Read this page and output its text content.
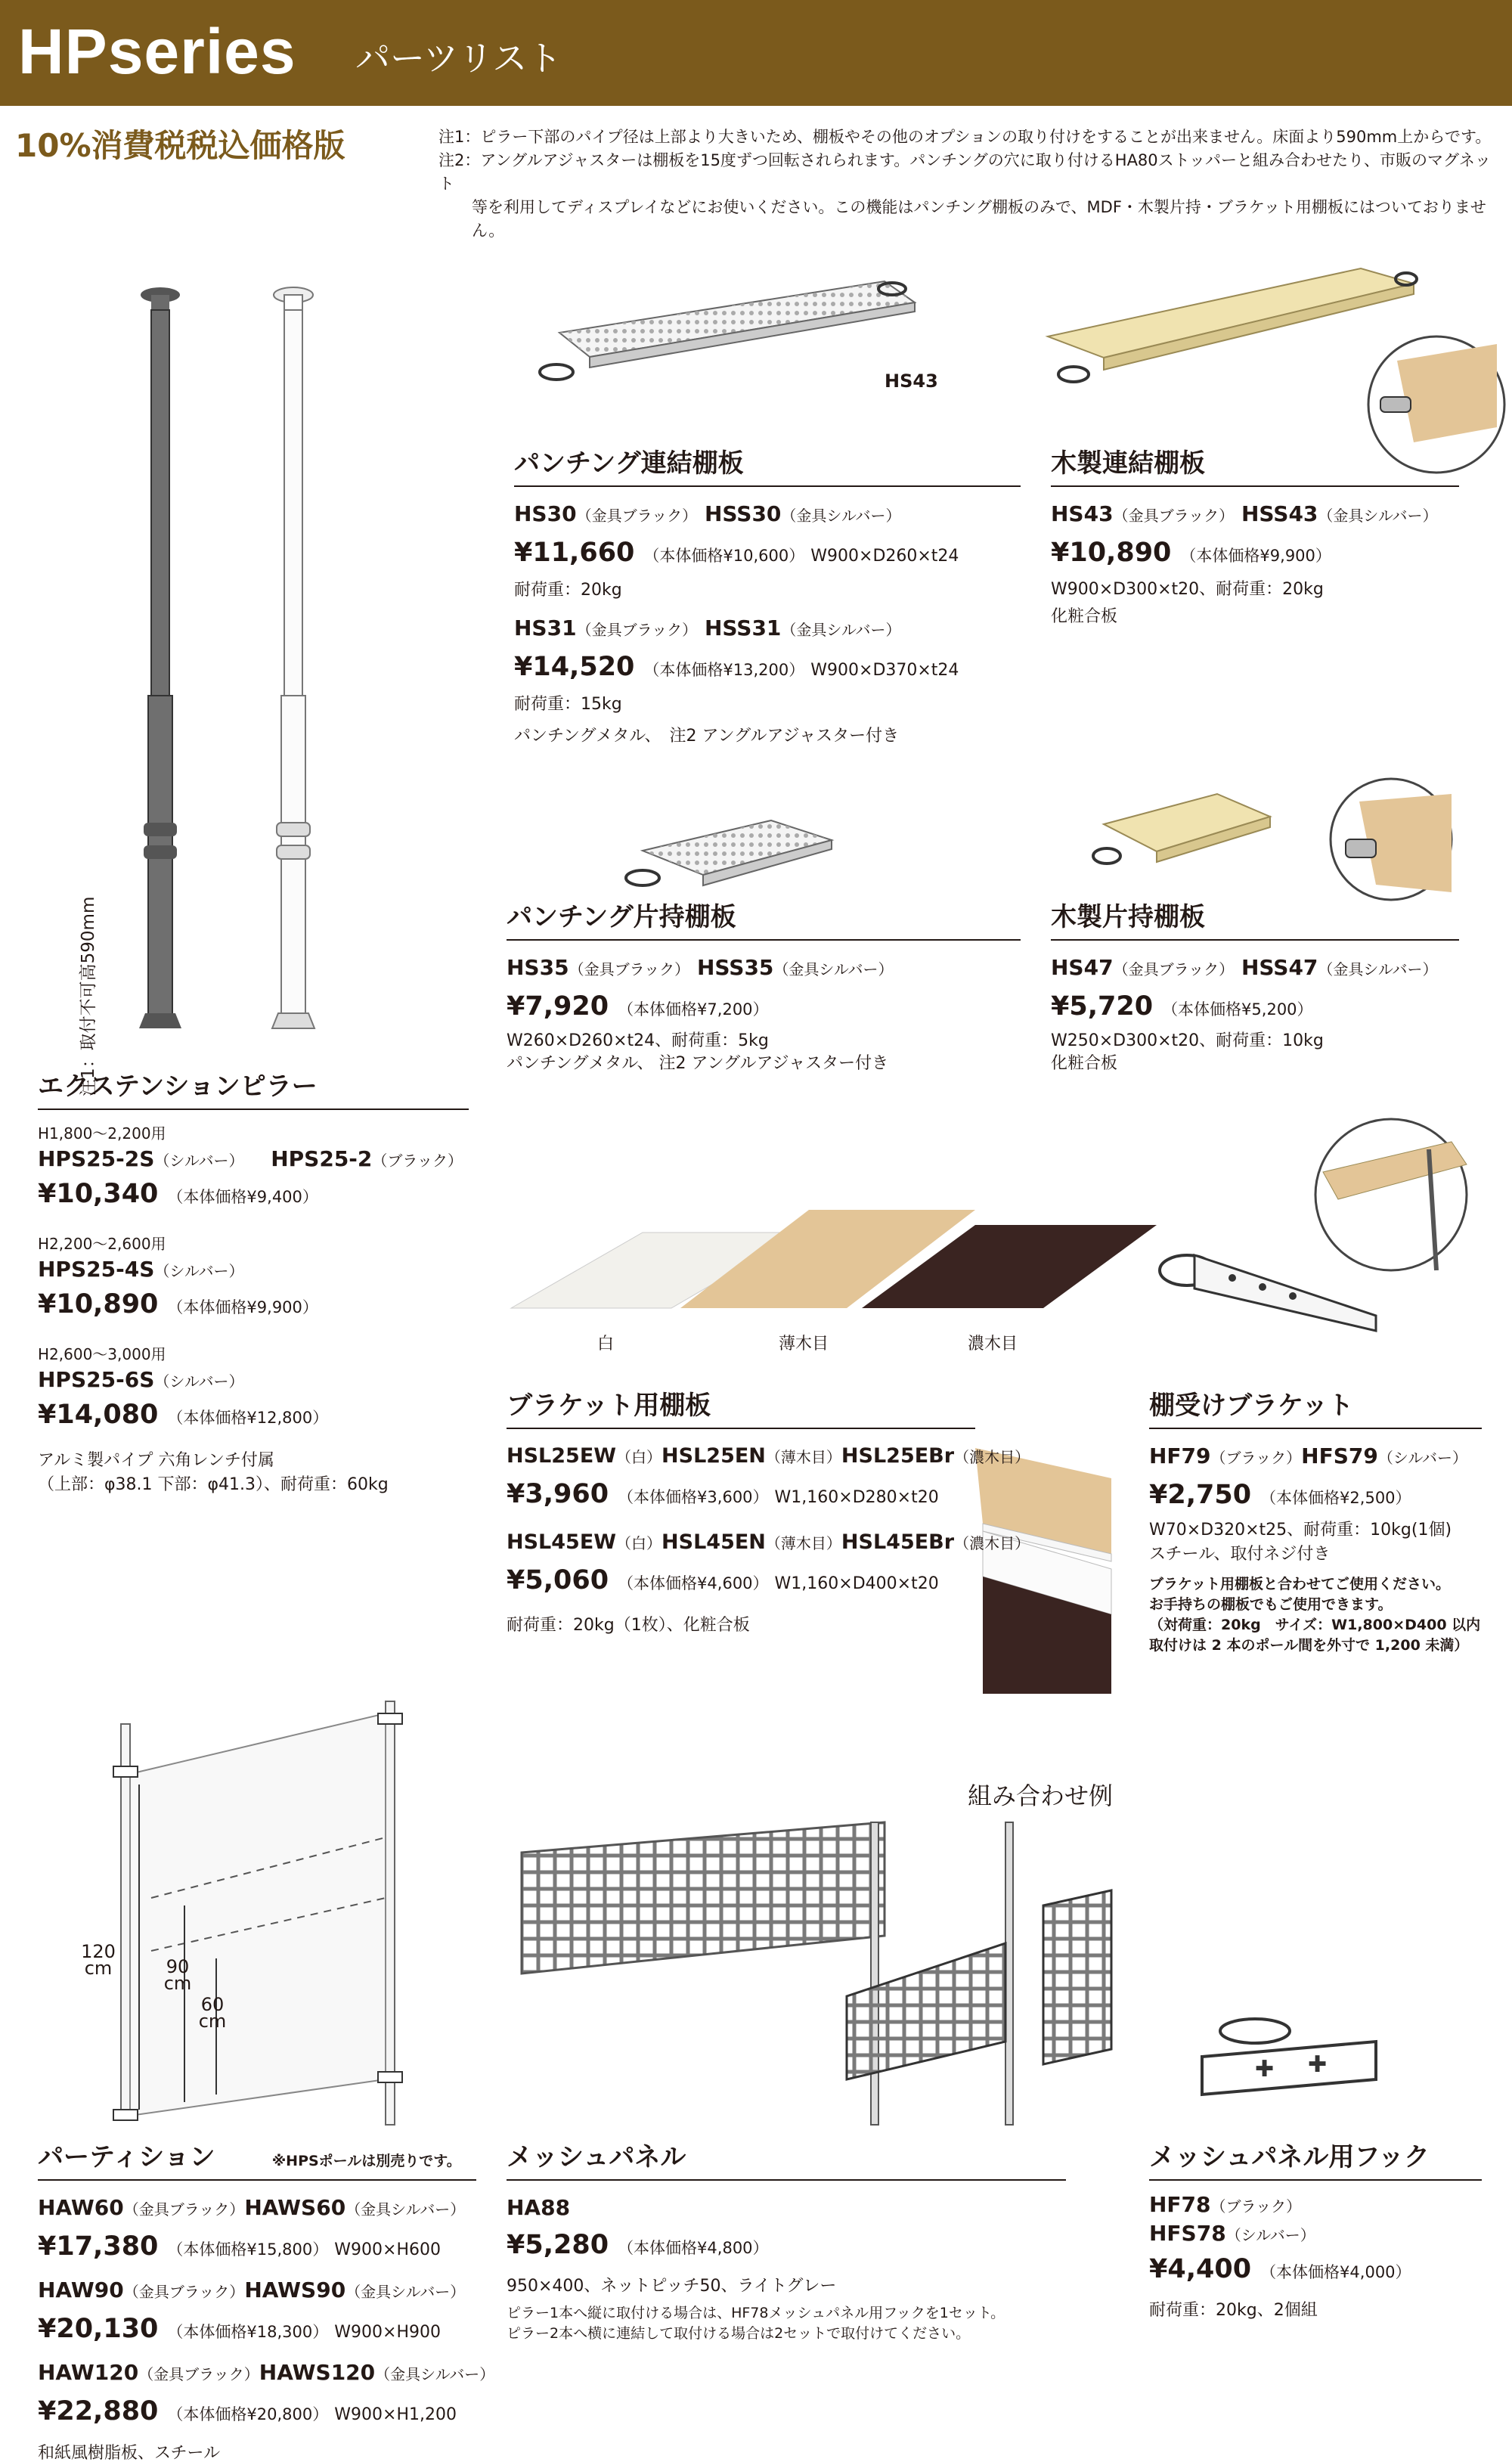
HPseries パーツリスト
10%消費税税込価格版	注1：ピラー下部のパイプ径は上部より大きいため、棚板やその他のオプションの取り付けをすることが出来ません。床面より590mm上からです。
注2：アングルアジャスターは棚板を15度ずつ回転されられます。パンチングの穴に取り付けるHA80ストッパーと組み合わせたり、市販のマグネット
等を利用してディスプレイなどにお使いください。この機能はパンチング棚板のみで、MDF・木製片持・ブラケット用棚板にはついておりません。
注1：取付不可高590mm
HS43
白	薄木目	濃木目
120
cm	90
cm
60
cm
組み合わせ例
✚ ✚
パンチング連結棚板
HS30（金具ブラック） HSS30（金具シルバー）
¥11,660 （本体価格¥10,600） W900×D260×t24
耐荷重：20kg
HS31（金具ブラック） HSS31（金具シルバー）
¥14,520 （本体価格¥13,200） W900×D370×t24
耐荷重：15kg
パンチングメタル、　注2 アングルアジャスター付き
木製連結棚板
HS43（金具ブラック） HSS43（金具シルバー）
¥10,890 （本体価格¥9,900）
W900×D300×t20、耐荷重：20kg
化粧合板
パンチング片持棚板
HS35（金具ブラック） HSS35（金具シルバー）
¥7,920 （本体価格¥7,200）
W260×D260×t24、耐荷重：5kg
パンチングメタル、 注2 アングルアジャスター付き
木製片持棚板
HS47（金具ブラック） HSS47（金具シルバー）
¥5,720 （本体価格¥5,200）
W250×D300×t20、耐荷重：10kg
化粧合板
エクステンションピラー
H1,800～2,200用
HPS25-2S（シルバー） HPS25-2（ブラック）
¥10,340 （本体価格¥9,400）
H2,200～2,600用
HPS25-4S（シルバー）
¥10,890 （本体価格¥9,900）
H2,600～3,000用
HPS25-6S（シルバー）
¥14,080 （本体価格¥12,800）
アルミ製パイプ 六角レンチ付属
（上部：φ38.1 下部：φ41.3）、耐荷重：60kg
ブラケット用棚板
HSL25EW（白）HSL25EN（薄木目）HSL25EBr（濃木目）
¥3,960 （本体価格¥3,600） W1,160×D280×t20
HSL45EW（白）HSL45EN（薄木目）HSL45EBr（濃木目）
¥5,060 （本体価格¥4,600） W1,160×D400×t20
耐荷重：20kg（1枚）、化粧合板
棚受けブラケット
HF79（ブラック）HFS79（シルバー）
¥2,750 （本体価格¥2,500）
W70×D320×t25、耐荷重：10kg(1個)
スチール、取付ネジ付き
ブラケット用棚板と合わせてご使用ください。
お手持ちの棚板でもご使用できます。
（対荷重：20kg　サイズ：W1,800×D400 以内
取付けは 2 本のポール間を外寸で 1,200 未満）
パーティション	※HPSポールは別売りです。
HAW60（金具ブラック）HAWS60（金具シルバー）
¥17,380 （本体価格¥15,800） W900×H600
HAW90（金具ブラック）HAWS90（金具シルバー）
¥20,130 （本体価格¥18,300） W900×H900
HAW120（金具ブラック）HAWS120（金具シルバー）
¥22,880 （本体価格¥20,800） W900×H1,200
和紙風樹脂板、スチール
メッシュパネル
HA88
¥5,280 （本体価格¥4,800）
950×400、ネットピッチ50、ライトグレー
ピラー1本へ縦に取付ける場合は、HF78メッシュパネル用フックを1セット。
ピラー2本へ横に連結して取付ける場合は2セットで取付けてください。
メッシュパネル用フック
HF78（ブラック）
HFS78（シルバー）
¥4,400 （本体価格¥4,000）
耐荷重：20kg、2個組
